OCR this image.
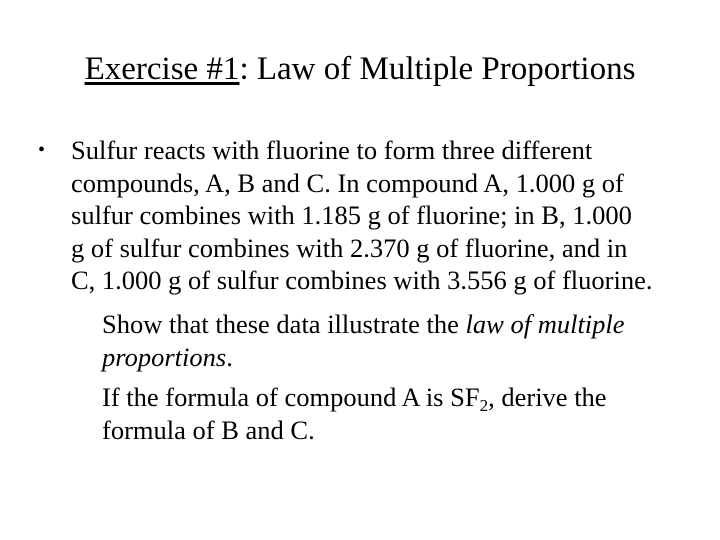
Exercise #1: Law of Multiple Proportions
• Sulfur reacts with fluorine to form three different
compounds, A, B and C. In compound A, 1.000 g of
sulfur combines with 1.185 g of fluorine; in B, 1.000
g of sulfur combines with 2.370 g of fluorine, and in
C, 1.000 g of sulfur combines with 3.556 g of fluorine.
Show that these data illustrate the law of multiple
proportions.
If the formula of compound A is $SF_2$, derive the
formula of B and C.
